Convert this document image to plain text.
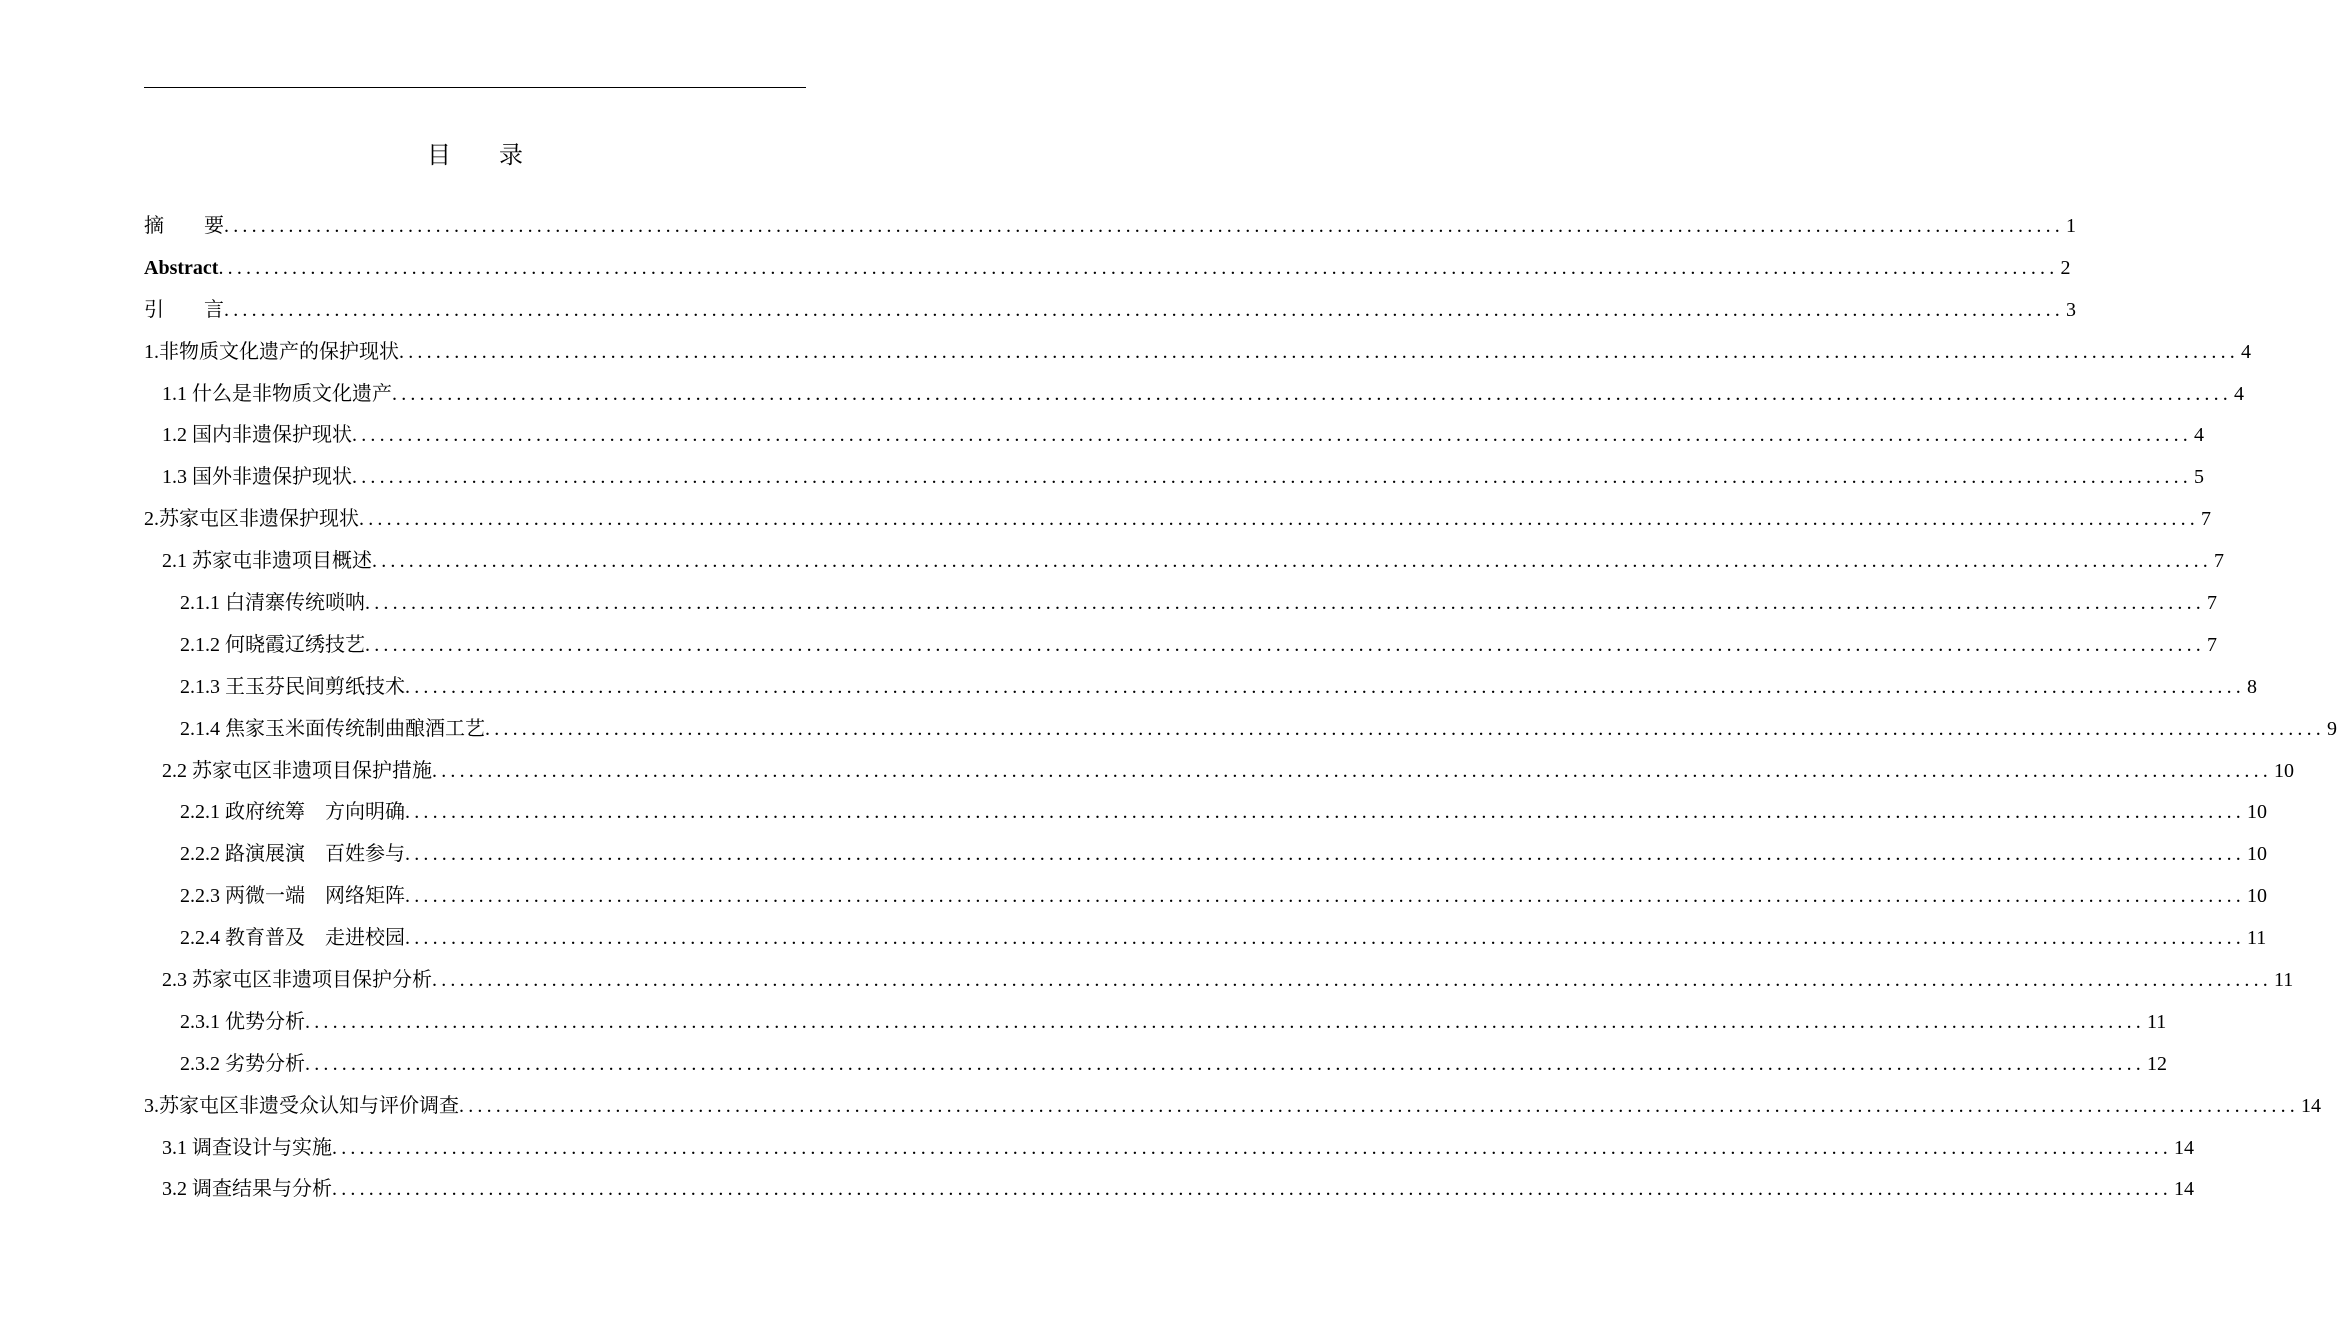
目　　录
摘　　要 ........................................................................................................................................................................................................ 1
Abstract ........................................................................................................................................................................................................ 2
引　　言 ........................................................................................................................................................................................................ 3
1.非物质文化遗产的保护现状 ........................................................................................................................................................................................................ 4
1.1 什么是非物质文化遗产 ........................................................................................................................................................................................................ 4
1.2 国内非遗保护现状 ........................................................................................................................................................................................................ 4
1.3 国外非遗保护现状 ........................................................................................................................................................................................................ 5
2.苏家屯区非遗保护现状 ........................................................................................................................................................................................................ 7
2.1 苏家屯非遗项目概述 ........................................................................................................................................................................................................ 7
2.1.1 白清寨传统唢呐 ........................................................................................................................................................................................................ 7
2.1.2 何晓霞辽绣技艺 ........................................................................................................................................................................................................ 7
2.1.3 王玉芬民间剪纸技术 ........................................................................................................................................................................................................ 8
2.1.4 焦家玉米面传统制曲酿酒工艺 ........................................................................................................................................................................................................ 9
2.2 苏家屯区非遗项目保护措施 ........................................................................................................................................................................................................ 10
2.2.1 政府统筹　方向明确 ........................................................................................................................................................................................................ 10
2.2.2 路演展演　百姓参与 ........................................................................................................................................................................................................ 10
2.2.3 两微一端　网络矩阵 ........................................................................................................................................................................................................ 10
2.2.4 教育普及　走进校园 ........................................................................................................................................................................................................ 11
2.3 苏家屯区非遗项目保护分析 ........................................................................................................................................................................................................ 11
2.3.1 优势分析 ........................................................................................................................................................................................................ 11
2.3.2 劣势分析 ........................................................................................................................................................................................................ 12
3.苏家屯区非遗受众认知与评价调查 ........................................................................................................................................................................................................ 14
3.1 调查设计与实施 ........................................................................................................................................................................................................ 14
3.2 调查结果与分析 ........................................................................................................................................................................................................ 14
